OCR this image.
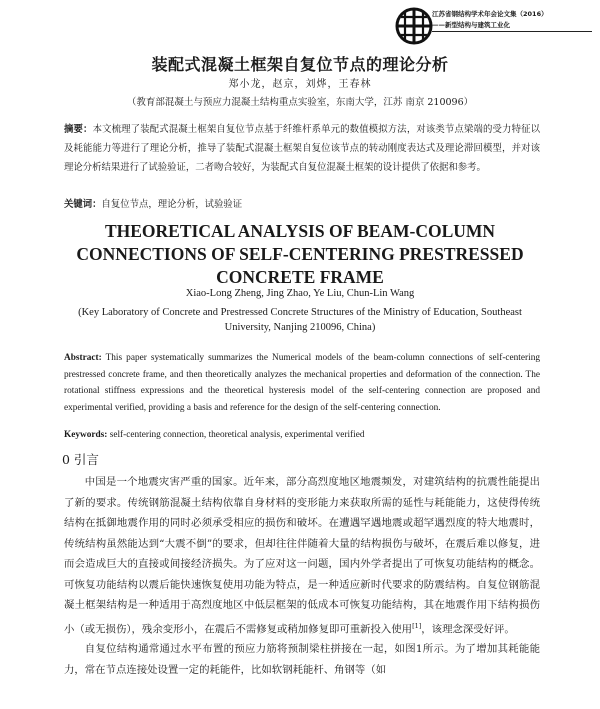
江苏省钢结构学术年会论文集（2016）
——新型结构与建筑工业化
装配式混凝土框架自复位节点的理论分析
郑小龙，赵京，刘烨，王春林
（教育部混凝土与预应力混凝土结构重点实验室，东南大学，江苏 南京 210096）
摘要：本文梳理了装配式混凝土框架自复位节点基于纤维杆系单元的数值模拟方法，对该类节点梁端的受力特征以及耗能能力等进行了理论分析，推导了装配式混凝土框架自复位该节点的转动刚度表达式及理论滞回模型，并对该理论分析结果进行了试验验证，二者吻合较好，为装配式自复位混凝土框架的设计提供了依据和参考。
关键词：自复位节点，理论分析，试验验证
THEORETICAL ANALYSIS OF BEAM-COLUMN
CONNECTIONS OF SELF-CENTERING PRESTRESSED
CONCRETE FRAME
Xiao-Long Zheng, Jing Zhao, Ye Liu, Chun-Lin Wang
(Key Laboratory of Concrete and Prestressed Concrete Structures of the Ministry of Education, Southeast
University, Nanjing 210096, China)
Abstract: This paper systematically summarizes the Numerical models of the beam-column connections of self-centering prestressed concrete frame, and then theoretically analyzes the mechanical properties and deformation of the connection. The rotational stiffness expressions and the theoretical hysteresis model of the self-centering connection are proposed and experimental verified, providing a basis and reference for the design of the self-centering connection.
Keywords: self-centering connection, theoretical analysis, experimental verified
0 引言

中国是一个地震灾害严重的国家。近年来，部分高烈度地区地震频发，对建筑结构的抗震性能提出了新的要求。传统钢筋混凝土结构依靠自身材料的变形能力来获取所需的延性与耗能能力，这使得传统结构在抵御地震作用的同时必须承受相应的损伤和破坏。在遭遇罕遇地震或超罕遇烈度的特大地震时，传统结构虽然能达到“大震不倒”的要求，但却往往伴随着大量的结构损伤与破坏，在震后难以修复，进而会造成巨大的直接或间接经济损失。为了应对这一问题，国内外学者提出了可恢复功能结构的概念。可恢复功能结构以震后能快速恢复使用功能为特点，是一种适应新时代要求的防震结构。自复位钢筋混凝土框架结构是一种适用于高烈度地区中低层框架的低成本可恢复功能结构，其在地震作用下结构损伤小（或无损伤），残余变形小，在震后不需修复或稍加修复即可重新投入使用[1]，该理念深受好评。

自复位结构通常通过水平布置的预应力筋将预制梁柱拼接在一起，如图1所示。为了增加其耗能能力，常在节点连接处设置一定的耗能件，比如软钢耗能杆、角钢等（如
